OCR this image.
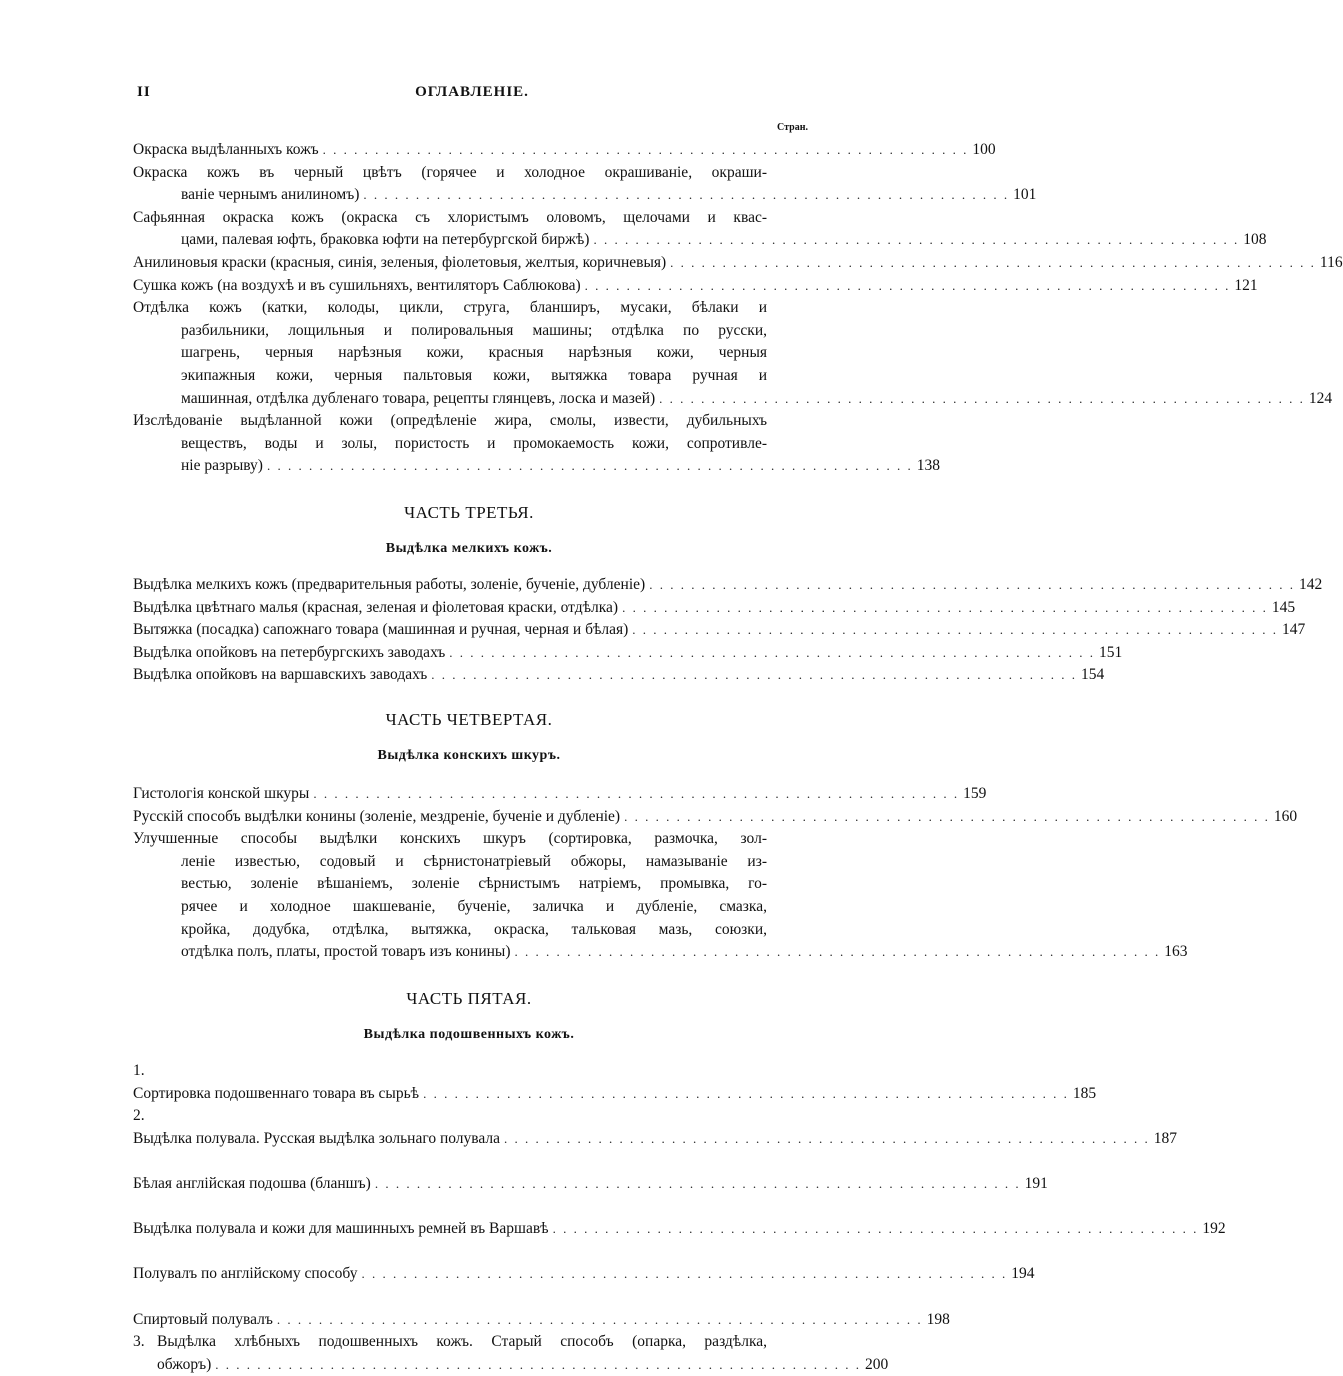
II	ОГЛАВЛЕНІЕ.
Стран.
Окраска выдѣланныхъ кожъ . . .	100
Окраска кожъ въ черный цвѣтъ (горячее и холодное окрашиваніе, окраши-
ваніе чернымъ анилиномъ) . . .	101
Сафьянная окраска кожъ (окраска съ хлористымъ оловомъ, щелочами и квас-
цами, палевая юфть, браковка юфти на петербургской биржѣ) . . .	108
Анилиновыя краски (красныя, синія, зеленыя, фіолетовыя, желтыя, коричневыя) . . .	116
Сушка кожъ (на воздухѣ и въ сушильняхъ, вентиляторъ Саблюкова) . . .	121
Отдѣлка кожъ (катки, колоды, цикли, струга, бланширъ, мусаки, бѣлаки и
разбильники, лощильныя и полировальныя машины; отдѣлка по русски,
шагрень, черныя нарѣзныя кожи, красныя нарѣзныя кожи, черныя
экипажныя кожи, черныя пальтовыя кожи, вытяжка товара ручная и
машинная, отдѣлка дубленаго товара, рецепты глянцевъ, лоска и мазей) . . .	124
Изслѣдованіе выдѣланной кожи (опредѣленіе жира, смолы, извести, дубильныхъ
веществъ, воды и золы, пористость и промокаемость кожи, сопротивле-
ніе разрыву) . . .	138
ЧАСТЬ ТРЕТЬЯ.
Выдѣлка мелкихъ кожъ.
Выдѣлка мелкихъ кожъ (предварительныя работы, золеніе, бученіе, дубленіе) . . .	142
Выдѣлка цвѣтнаго малья (красная, зеленая и фіолетовая краски, отдѣлка) . . .	145
Вытяжка (посадка) сапожнаго товара (машинная и ручная, черная и бѣлая) . . .	147
Выдѣлка опойковъ на петербургскихъ заводахъ . . .	151
Выдѣлка опойковъ на варшавскихъ заводахъ . . .	154
ЧАСТЬ ЧЕТВЕРТАЯ.
Выдѣлка конскихъ шкуръ.
Гистологія конской шкуры . . .	159
Русскій способъ выдѣлки конины (золеніе, мездреніе, бученіе и дубленіе) . . .	160
Улучшенные способы выдѣлки конскихъ шкуръ (сортировка, размочка, зол-
леніе известью, содовый и сѣрнистонатріевый обжоры, намазываніе из-
вестью, золеніе вѣшаніемъ, золеніе сѣрнистымъ натріемъ, промывка, го-
рячее и холодное шакшеваніе, бученіе, заличка и дубленіе, смазка,
кройка, додубка, отдѣлка, вытяжка, окраска, тальковая мазь, союзки,
отдѣлка полъ, платы, простой товаръ изъ конины) . . .	163
ЧАСТЬ ПЯТАЯ.
Выдѣлка подошвенныхъ кожъ.
1.Сортировка подошвеннаго товара въ сырьѣ . . .	185
2.Выдѣлка полувала. Русская выдѣлка зольнаго полувала . . .	187
Бѣлая англійская подошва (бланшъ) . . .	191
Выдѣлка полувала и кожи для машинныхъ ремней въ Варшавѣ . . .	192
Полувалъ по англійскому способу . . .	194
Спиртовый полувалъ . . .	198
3. Выдѣлка хлѣбныхъ подошвенныхъ кожъ. Старый способъ (опарка, раздѣлка,
обжоръ) . . .	200
